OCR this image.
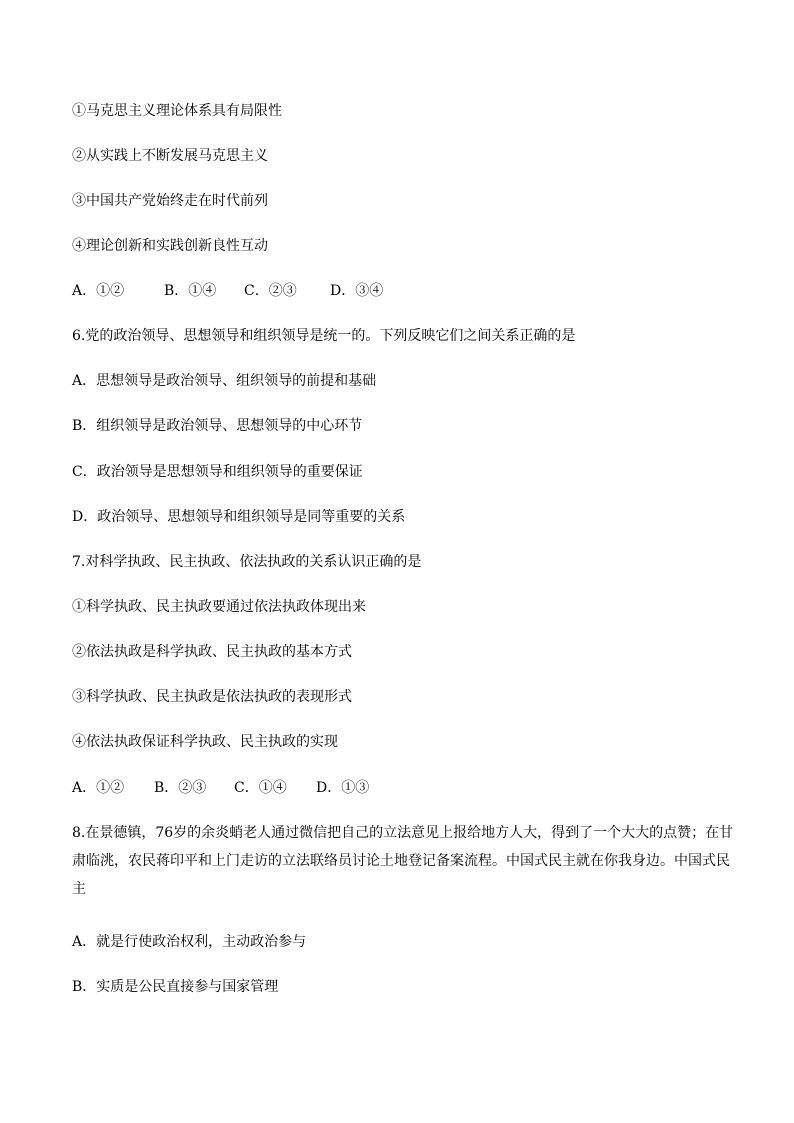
①马克思主义理论体系具有局限性
②从实践上不断发展马克思主义
③中国共产党始终走在时代前列
④理论创新和实践创新良性互动
A．①②	B．①④ C．②③ D．③④
6.党的政治领导、思想领导和组织领导是统一的。下列反映它们之间关系正确的是
A．思想领导是政治领导、组织领导的前提和基础
B．组织领导是政治领导、思想领导的中心环节
C．政治领导是思想领导和组织领导的重要保证
D．政治领导、思想领导和组织领导是同等重要的关系
7.对科学执政、民主执政、依法执政的关系认识正确的是
①科学执政、民主执政要通过依法执政体现出来
②依法执政是科学执政、民主执政的基本方式
③科学执政、民主执政是依法执政的表现形式
④依法执政保证科学执政、民主执政的实现
A．①② B．②③ C．①④ D．①③
8.在景德镇，76岁的余炎蛸老人通过微信把自己的立法意见上报给地方人大，得到了一个大大的点赞；在甘肃临洮，农民蒋印平和上门走访的立法联络员讨论土地登记备案流程。中国式民主就在你我身边。中国式民主
A．就是行使政治权利，主动政治参与
B．实质是公民直接参与国家管理
